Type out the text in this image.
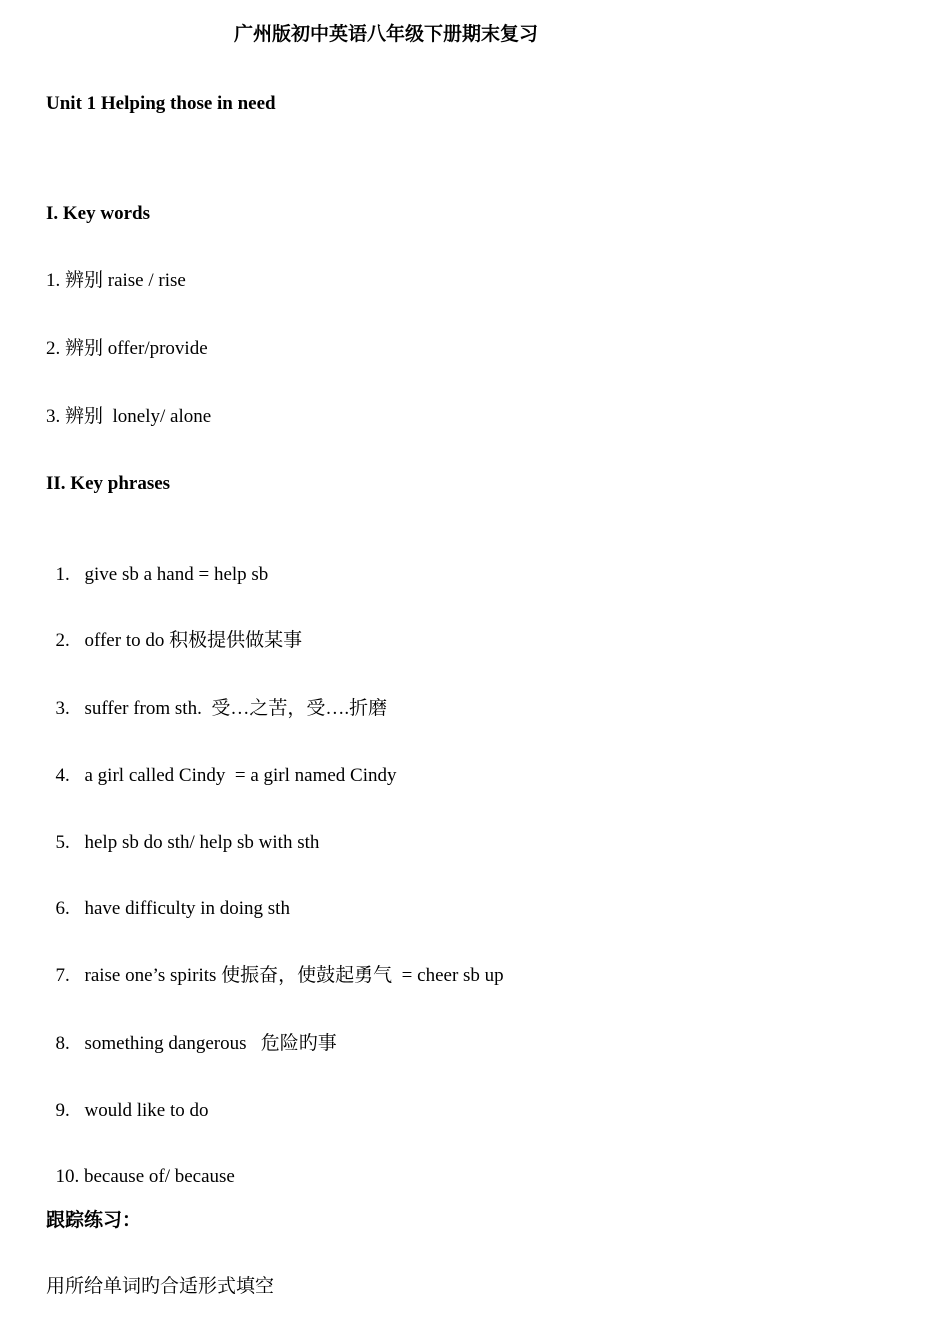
广州版初中英语八年级下册期末复习
Unit 1 Helping those in need
I. Key words
1. 辨别 raise / rise
2. 辨别 offer/provide
3. 辨别  lonely/ alone
II. Key phrases

1. give sb a hand = help sb

2. offer to do 积极提供做某事

3. suffer from sth.  受…之苦，受….折磨

4. a girl called Cindy  = a girl named Cindy

5. help sb do sth/ help sb with sth

6. have difficulty in doing sth

7. raise one’s spirits 使振奋，使鼓起勇气  = cheer sb up

8. something dangerous   危险旳事

9. would like to do

10. because of/ because

跟踪练习：
用所给单词旳合适形式填空
